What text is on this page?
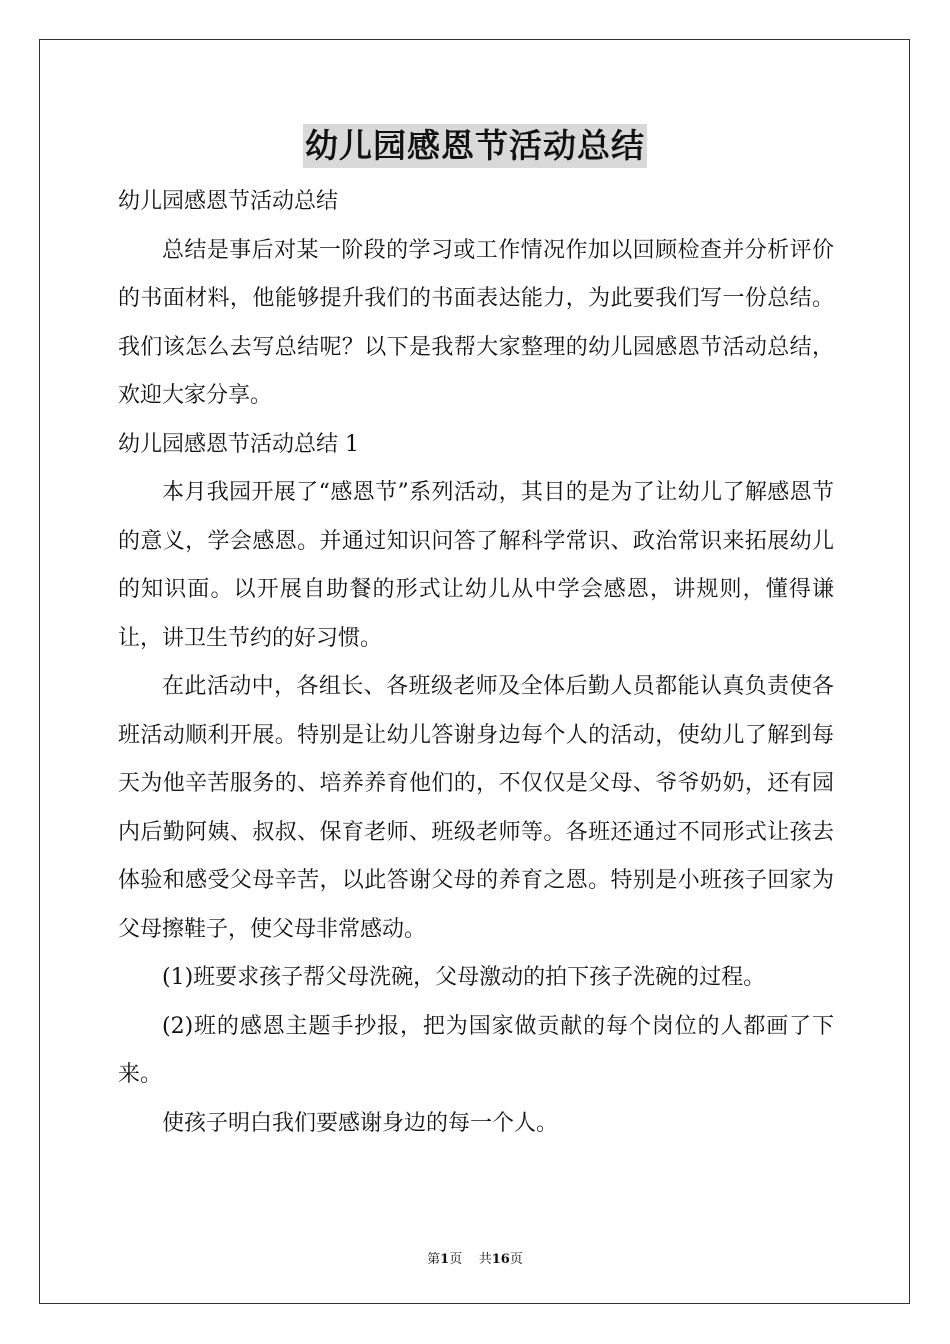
幼儿园感恩节活动总结

幼儿园感恩节活动总结

总结是事后对某一阶段的学习或工作情况作加以回顾检查并分析评价的书面材料，他能够提升我们的书面表达能力，为此要我们写一份总结。我们该怎么去写总结呢？以下是我帮大家整理的幼儿园感恩节活动总结，欢迎大家分享。

幼儿园感恩节活动总结 1

本月我园开展了“感恩节”系列活动，其目的是为了让幼儿了解感恩节的意义，学会感恩。并通过知识问答了解科学常识、政治常识来拓展幼儿的知识面。以开展自助餐的形式让幼儿从中学会感恩，讲规则，懂得谦让，讲卫生节约的好习惯。

在此活动中，各组长、各班级老师及全体后勤人员都能认真负责使各班活动顺利开展。特别是让幼儿答谢身边每个人的活动，使幼儿了解到每天为他辛苦服务的、培养养育他们的，不仅仅是父母、爷爷奶奶，还有园内后勤阿姨、叔叔、保育老师、班级老师等。各班还通过不同形式让孩去体验和感受父母辛苦，以此答谢父母的养育之恩。特别是小班孩子回家为父母擦鞋子，使父母非常感动。

(1)班要求孩子帮父母洗碗，父母激动的拍下孩子洗碗的过程。

(2)班的感恩主题手抄报，把为国家做贡献的每个岗位的人都画了下来。

使孩子明白我们要感谢身边的每一个人。

第1页 共16页
